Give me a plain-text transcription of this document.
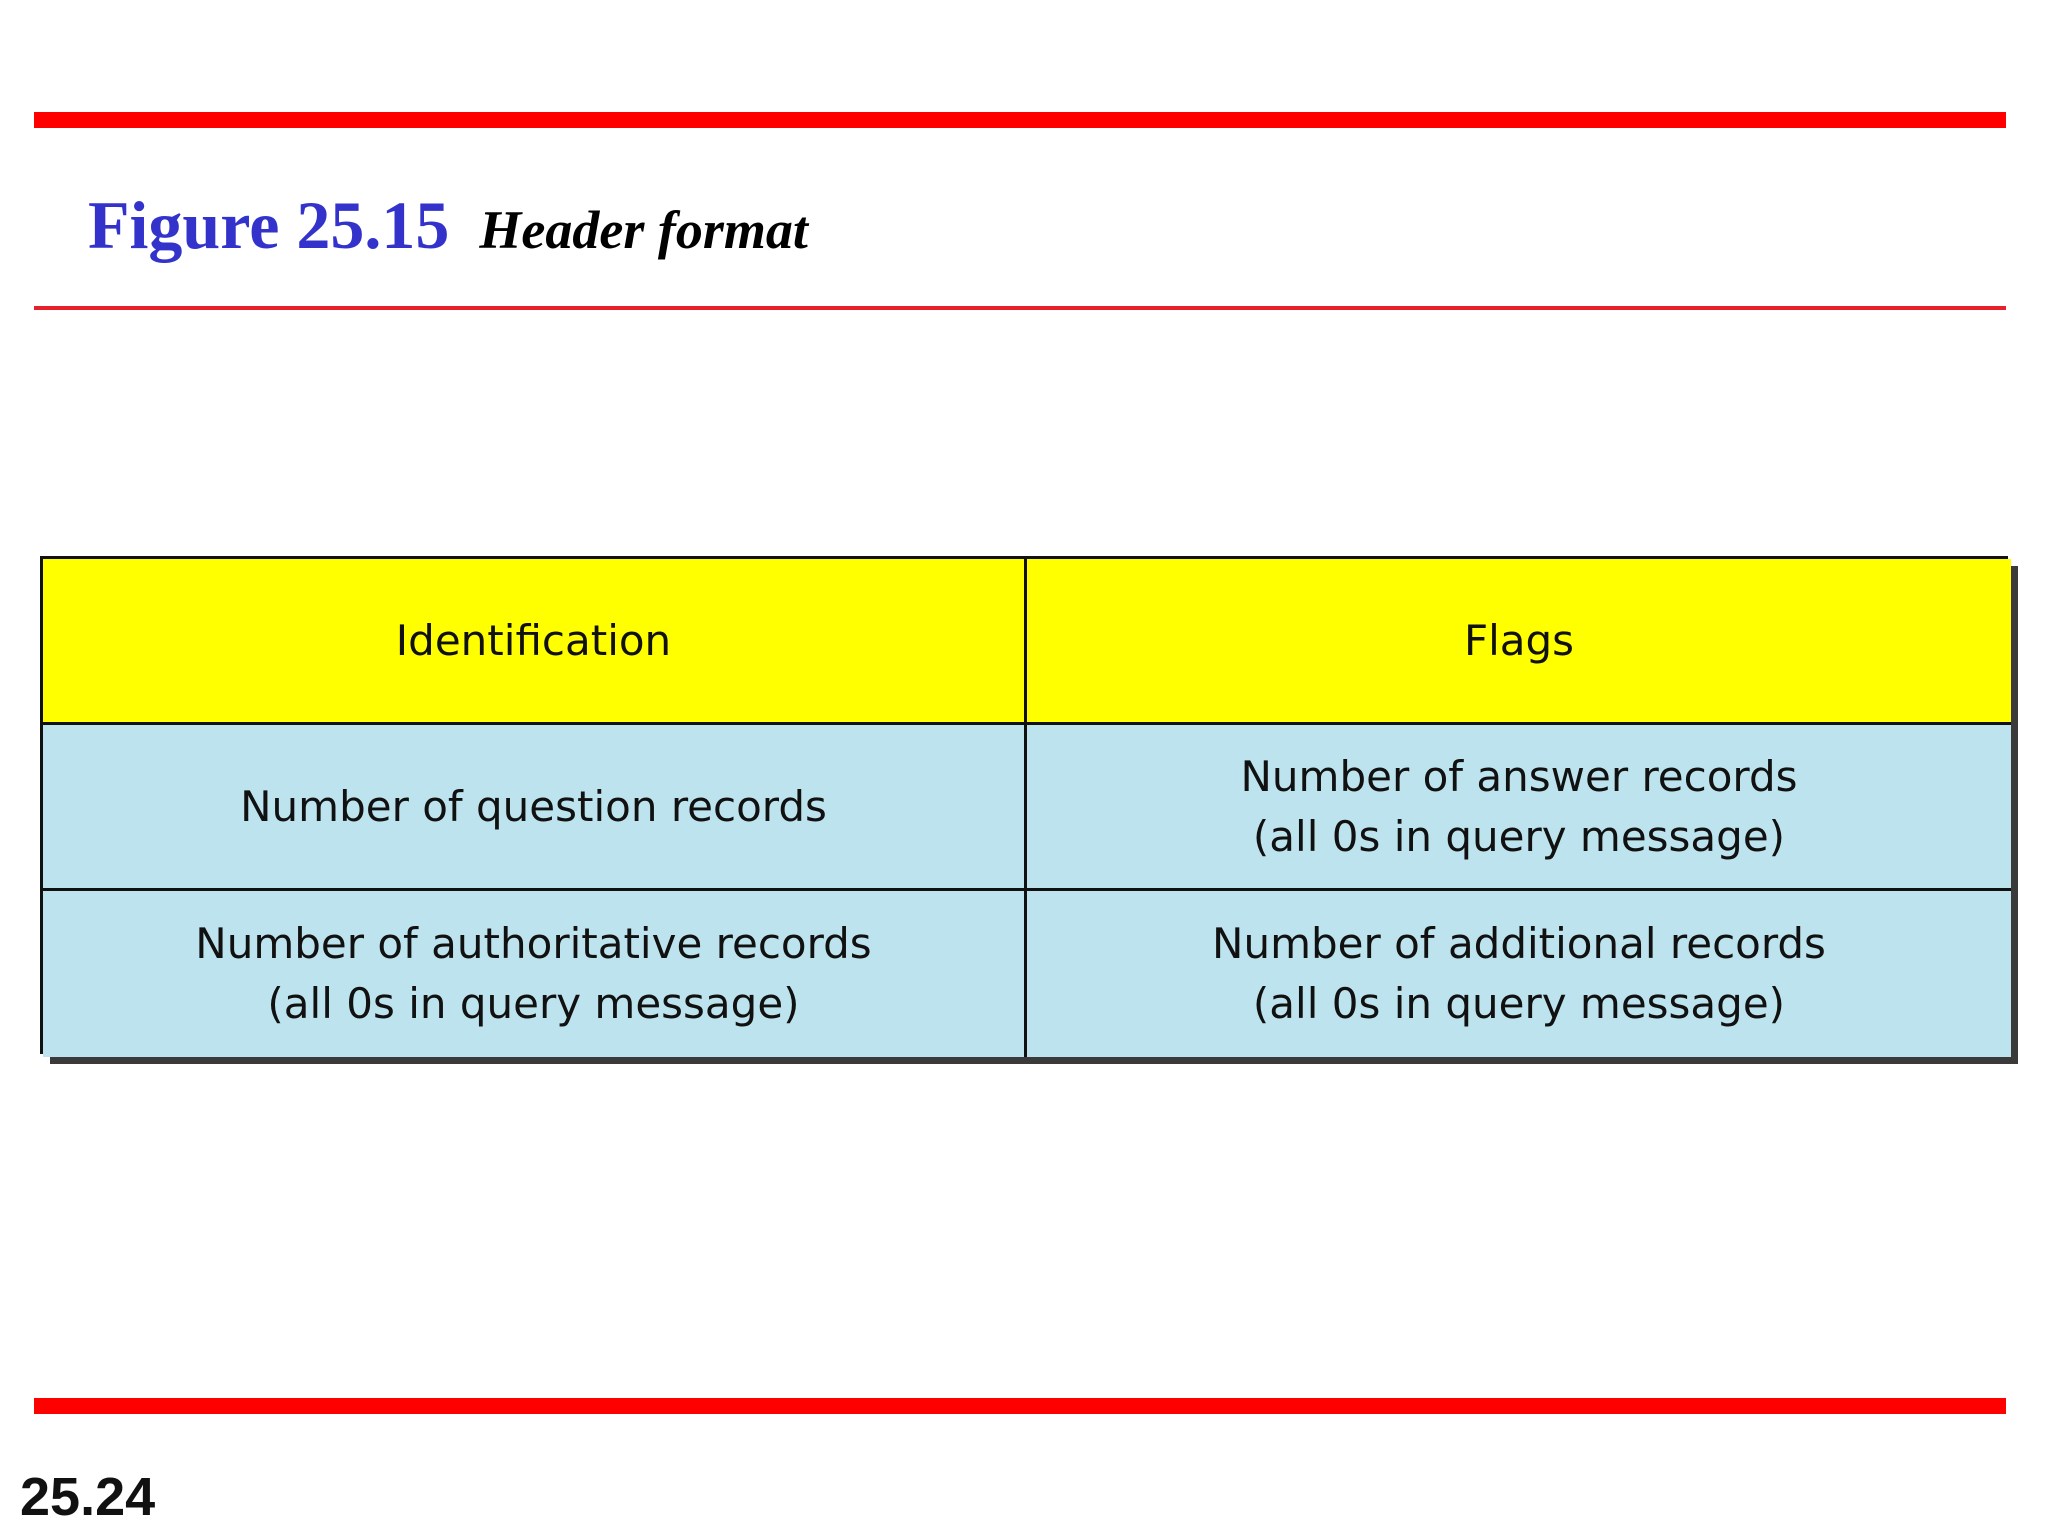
Figure 25.15 Header format
Identification	Flags
Number of question records
Number of answer records
(all 0s in query message)
Number of authoritative records
(all 0s in query message)
Number of additional records
(all 0s in query message)
25.24
